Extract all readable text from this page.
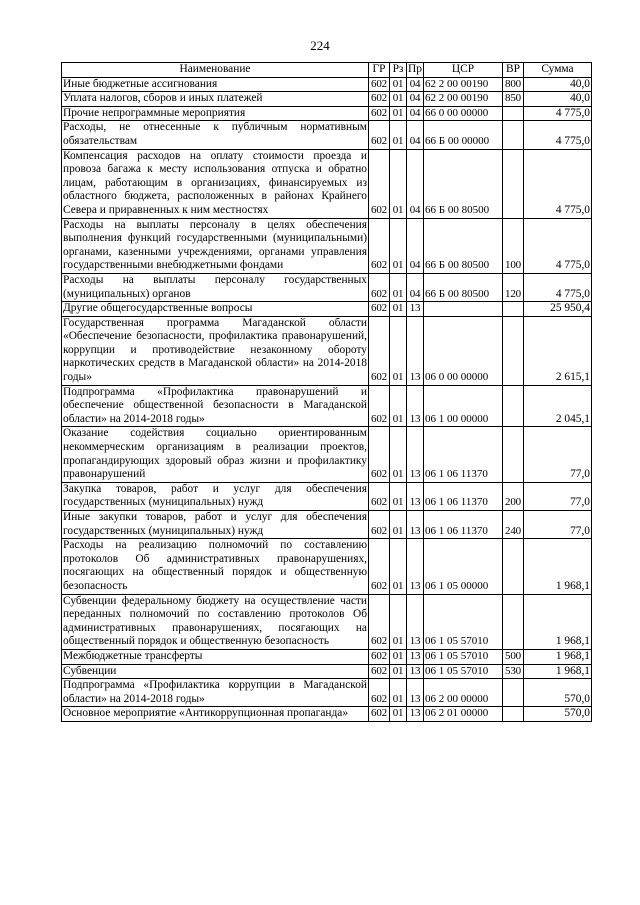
224
Наименование	ГР	Рз	Пр	ЦСР	ВР	Сумма
Иные бюджетные ассигнования	602	01	04	62 2 00 00190	800	40,0
Уплата налогов, сборов и иных платежей	602	01	04	62 2 00 00190	850	40,0
Прочие непрограммные мероприятия	602	01	04	66 0 00 00000		4 775,0
Расходы, не отнесенные к публичным нормативным обязательствам	602	01	04	66 Б 00 00000		4 775,0
Компенсация расходов на оплату стоимости проезда и провоза багажа к месту использования отпуска и обратно лицам, работающим в организациях, финансируемых из областного бюджета, расположенных в районах Крайнего Севера и приравненных к ним местностях	602	01	04	66 Б 00 80500		4 775,0
Расходы на выплаты персоналу в целях обеспечения выполнения функций государственными (муниципальными) органами, казенными учреждениями, органами управления государственными внебюджетными фондами	602	01	04	66 Б 00 80500	100	4 775,0
Расходы на выплаты персоналу государственных (муниципальных) органов	602	01	04	66 Б 00 80500	120	4 775,0
Другие общегосударственные вопросы	602	01	13			25 950,4
Государственная программа Магаданской области «Обеспечение безопасности, профилактика правонарушений, коррупции и противодействие незаконному обороту наркотических средств в Магаданской области» на 2014-2018 годы»	602	01	13	06 0 00 00000		2 615,1
Подпрограмма «Профилактика правонарушений и обеспечение общественной безопасности в Магаданской области» на 2014-2018 годы»	602	01	13	06 1 00 00000		2 045,1
Оказание содействия социально ориентированным некоммерческим организациям в реализации проектов, пропагандирующих здоровый образ жизни и профилактику правонарушений	602	01	13	06 1 06 11370		77,0
Закупка товаров, работ и услуг для обеспечения государственных (муниципальных) нужд	602	01	13	06 1 06 11370	200	77,0
Иные закупки товаров, работ и услуг для обеспечения государственных (муниципальных) нужд	602	01	13	06 1 06 11370	240	77,0
Расходы на реализацию полномочий по составлению протоколов Об административных правонарушениях, посягающих на общественный порядок и общественную безопасность	602	01	13	06 1 05 00000		1 968,1
Субвенции федеральному бюджету на осуществление части переданных полномочий по составлению протоколов Об административных правонарушениях, посягающих на общественный порядок и общественную безопасность	602	01	13	06 1 05 57010		1 968,1
Межбюджетные трансферты	602	01	13	06 1 05 57010	500	1 968,1
Субвенции	602	01	13	06 1 05 57010	530	1 968,1
Подпрограмма «Профилактика коррупции в Магаданской области» на 2014-2018 годы»	602	01	13	06 2 00 00000		570,0
Основное мероприятие «Антикоррупционная пропаганда»	602	01	13	06 2 01 00000		570,0
